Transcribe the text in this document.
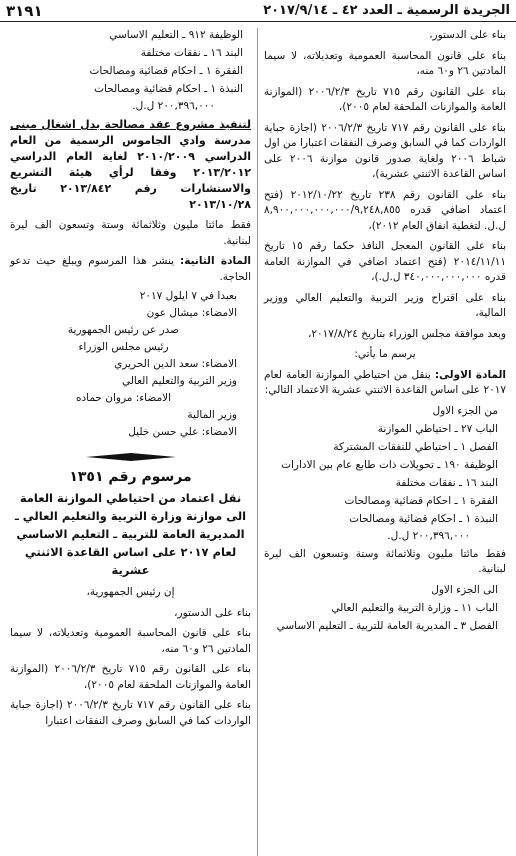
الجريدة الرسمية ـ العدد ٤٢ ـ ٢٠١٧/٩/١٤
٣١٩١

بناء على الدستور،

بناء على قانون المحاسبة العمومية وتعديلاته، لا سيما المادتين ٢٦ و٦٠ منه،

بناء على القانون رقم ٧١٥ تاريخ ٢٠٠٦/٢/٣ (الموازنة العامة والموازنات الملحقة لعام ٢٠٠٥)،

بناء على القانون رقم ٧١٧ تاريخ ٢٠٠٦/٢/٣ (اجازة جباية الواردات كما في السابق وصرف النفقات اعتبارا من اول شباط ٢٠٠٦ ولغاية صدور قانون موازنة ٢٠٠٦ على اساس القاعدة الاثنتي عشرية)،

بناء على القانون رقم ٢٣٨ تاريخ ٢٠١٢/١٠/٢٢ (فتح اعتماد اضافي قدره ٨,٩٠٠,٠٠٠,٠٠٠,٠٠٠/٩,٢٤٨,٨٥٥ ل.ل. لتغطية انفاق العام ٢٠١٢)،

بناء على القانون المعجل النافذ حكما رقم ١٥ تاريخ ٢٠١٤/١١/١١ (فتح اعتماد اضافي في الموازنة العامة قدره ٣٤٠,٠٠٠,٠٠٠,٠٠٠ ل.ل.)،

بناء على اقتراح وزير التربية والتعليم العالي ووزير المالية،

وبعد موافقة مجلس الوزراء بتاريخ ٢٠١٧/٨/٢٤،

يرسم ما يأتي:

المادة الاولى: ينقل من احتياطي الموازنة العامة لعام ٢٠١٧ على اساس القاعدة الاثنتي عشرية الاعتماد التالي:

من الجزء الاول
الباب ٢٧ ـ احتياطي الموازنة
الفصل ١ ـ احتياطي للنفقات المشتركة
الوظيفة ١٩٠ ـ تحويلات ذات طابع عام بين الادارات
البند ١٦ ـ نفقات مختلفة
الفقرة ١ ـ احكام قضائية ومصالحات
النبذة ١ ـ احكام قضائية ومصالحات
٢٠٠,٣٩٦,٠٠٠ ل.ل.

فقط مائتا مليون وثلاثمائة وستة وتسعون الف ليرة لبنانية.

الى الجزء الاول
الباب ١١ ـ وزارة التربية والتعليم العالي
الفصل ٣ ـ المديرية العامة للتربية ـ التعليم الاساسي
الوظيفة ٩١٢ ـ التعليم الاساسي
البند ١٦ ـ نفقات مختلفة
الفقرة ١ ـ احكام قضائية ومصالحات
النبذة ١ ـ احكام قضائية ومصالحات
٢٠٠,٣٩٦,٠٠٠ ل.ل.

لتنفيذ مشروع عقد مصالحة بدل اشغال مبنى مدرسة وادي الجاموس الرسمية من العام الدراسي ٢٠١٠/٢٠٠٩ لغاية العام الدراسي ٢٠١٣/٢٠١٢ وفقا لرأي هيئة التشريع والاستشارات رقم ٢٠١٣/٨٤٢ تاريخ ٢٠١٣/١٠/٢٨

فقط مائتا مليون وثلاثمائة وستة وتسعون الف ليرة لبنانية.

المادة الثانية: ينشر هذا المرسوم ويبلغ حيث تدعو الحاجة.

بعبدا في ٧ ايلول ٢٠١٧
الامضاء: ميشال عون
صدر عن رئيس الجمهورية
رئيس مجلس الوزراء
الامضاء: سعد الدين الحريري
وزير التربية والتعليم العالي
الامضاء: مروان حماده
وزير المالية
الامضاء: علي حسن خليل
مرسوم رقم ١٣٥١
نقل اعتماد من احتياطي الموازنة العامة الى موازنة وزارة التربية والتعليم العالي ـ المديرية العامة للتربية ـ التعليم الاساسي لعام ٢٠١٧ على اساس القاعدة الاثنتي عشرية

إن رئيس الجمهورية،

بناء على الدستور،

بناء على قانون المحاسبة العمومية وتعديلاته، لا سيما المادتين ٢٦ و٦٠ منه،

بناء على القانون رقم ٧١٥ تاريخ ٢٠٠٦/٢/٣ (الموازنة العامة والموازنات الملحقة لعام ٢٠٠٥)،

بناء على القانون رقم ٧١٧ تاريخ ٢٠٠٦/٢/٣ (اجازة جباية الواردات كما في السابق وصرف النفقات اعتبارا
